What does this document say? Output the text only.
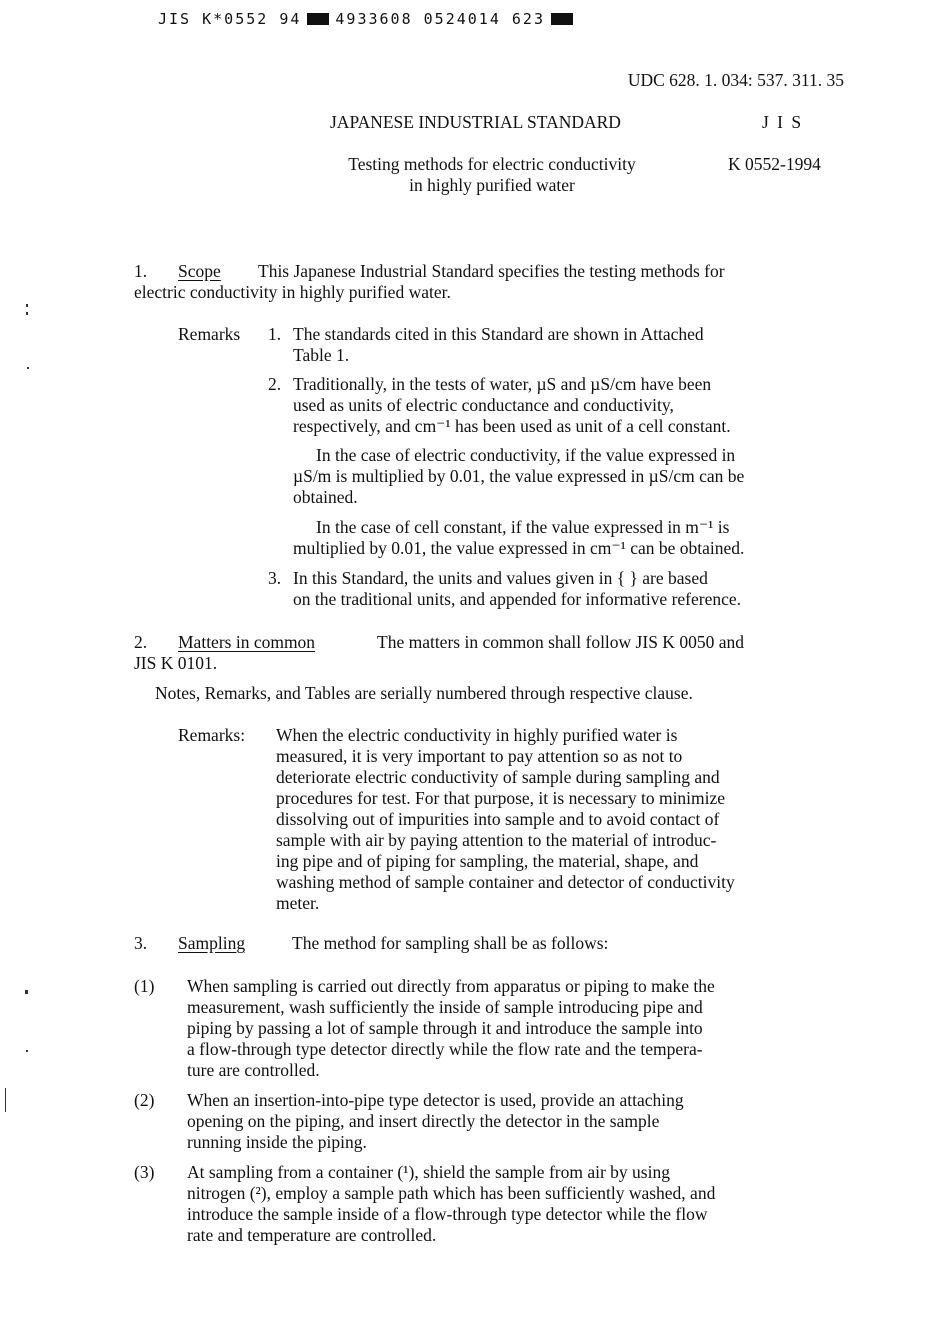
JIS K*0552 94 4933608 0524014 623
UDC 628. 1. 034: 537. 311. 35
JAPANESE INDUSTRIAL STANDARD	J I S
Testing methods for electric conductivity
in highly purified water
K 0552-1994
1. Scope This Japanese Industrial Standard specifies the testing methods for
electric conductivity in highly purified water.
Remarks 1. The standards cited in this Standard are shown in Attached
Table 1.
2. Traditionally, in the tests of water, µS and µS/cm have been
used as units of electric conductance and conductivity,
respectively, and cm⁻¹ has been used as unit of a cell constant.
In the case of electric conductivity, if the value expressed in
µS/m is multiplied by 0.01, the value expressed in µS/cm can be
obtained.
In the case of cell constant, if the value expressed in m⁻¹ is
multiplied by 0.01, the value expressed in cm⁻¹ can be obtained.
3. In this Standard, the units and values given in { } are based
on the traditional units, and appended for informative reference.
2. Matters in common	The matters in common shall follow JIS K 0050 and
JIS K 0101.
Notes, Remarks, and Tables are serially numbered through respective clause.
Remarks: When the electric conductivity in highly purified water is
measured, it is very important to pay attention so as not to
deteriorate electric conductivity of sample during sampling and
procedures for test. For that purpose, it is necessary to minimize
dissolving out of impurities into sample and to avoid contact of
sample with air by paying attention to the material of introduc-
ing pipe and of piping for sampling, the material, shape, and
washing method of sample container and detector of conductivity
meter.
3. Sampling	The method for sampling shall be as follows:
(1) When sampling is carried out directly from apparatus or piping to make the
measurement, wash sufficiently the inside of sample introducing pipe and
piping by passing a lot of sample through it and introduce the sample into
a flow-through type detector directly while the flow rate and the tempera-
ture are controlled.
(2) When an insertion-into-pipe type detector is used, provide an attaching
opening on the piping, and insert directly the detector in the sample
running inside the piping.
(3) At sampling from a container (¹), shield the sample from air by using
nitrogen (²), employ a sample path which has been sufficiently washed, and
introduce the sample inside of a flow-through type detector while the flow
rate and temperature are controlled.
